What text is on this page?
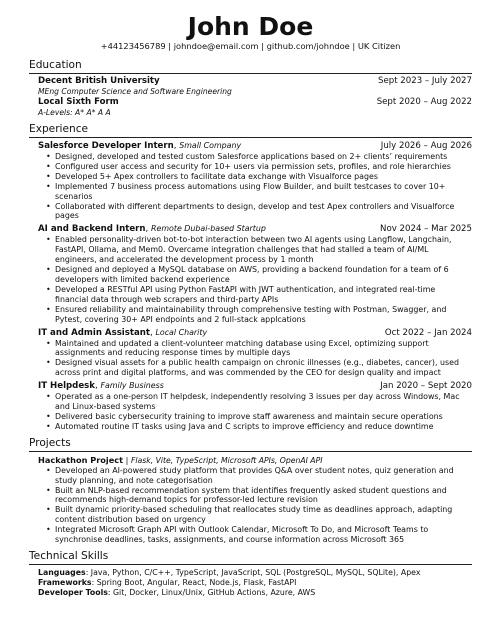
John Doe
+44123456789 | johndoe@email.com | github.com/johndoe | UK Citizen
Education
Decent British University	Sept 2023 – July 2027
MEng Computer Science and Software Engineering
Local Sixth Form	Sept 2020 – Aug 2022
A-Levels: A* A* A A
Experience
Salesforce Developer Intern, Small Company	July 2026 – Aug 2026
• Designed, developed and tested custom Salesforce applications based on 2+ clients’ requirements
• Configured user access and security for 10+ users via permission sets, profiles, and role hierarchies
• Developed 5+ Apex controllers to facilitate data exchange with Visualforce pages
• Implemented 7 business process automations using Flow Builder, and built testcases to cover 10+ scenarios
• Collaborated with different departments to design, develop and test Apex controllers and Visualforce pages
AI and Backend Intern, Remote Dubai-based Startup	Nov 2024 – Mar 2025
• Enabled personality-driven bot-to-bot interaction between two AI agents using Langflow, Langchain, FastAPI, Ollama, and Mem0. Overcame integration challenges that had stalled a team of AI/ML engineers, and accelerated the development process by 1 month
• Designed and deployed a MySQL database on AWS, providing a backend foundation for a team of 6 developers with limited backend experience
• Developed a RESTful API using Python FastAPI with JWT authentication, and integrated real-time financial data through web scrapers and third-party APIs
• Ensured reliability and maintainability through comprehensive testing with Postman, Swagger, and Pytest, covering 30+ API endpoints and 2 full-stack applcations
IT and Admin Assistant, Local Charity	Oct 2022 – Jan 2024
• Maintained and updated a client-volunteer matching database using Excel, optimizing support assignments and reducing response times by multiple days
• Designed visual assets for a public health campaign on chronic illnesses (e.g., diabetes, cancer), used across print and digital platforms, and was commended by the CEO for design quality and impact
IT Helpdesk, Family Business	Jan 2020 – Sept 2020
• Operated as a one-person IT helpdesk, independently resolving 3 issues per day across Windows, Mac and Linux-based systems
• Delivered basic cybersecurity training to improve staff awareness and maintain secure operations
• Automated routine IT tasks using Java and C scripts to improve efficiency and reduce downtime
Projects
Hackathon Project | Flask, Vite, TypeScript, Microsoft APIs, OpenAI API
• Developed an AI-powered study platform that provides Q&A over student notes, quiz generation and study planning, and note categorisation
• Built an NLP-based recommendation system that identifies frequently asked student questions and recommends high-demand topics for professor-led lecture revision
• Built dynamic priority-based scheduling that reallocates study time as deadlines approach, adapting content distribution based on urgency
• Integrated Microsoft Graph API with Outlook Calendar, Microsoft To Do, and Microsoft Teams to synchronise deadlines, tasks, assignments, and course information across Microsoft 365
Technical Skills
Languages: Java, Python, C/C++, TypeScript, JavaScript, SQL (PostgreSQL, MySQL, SQLite), Apex
Frameworks: Spring Boot, Angular, React, Node.js, Flask, FastAPI
Developer Tools: Git, Docker, Linux/Unix, GitHub Actions, Azure, AWS
